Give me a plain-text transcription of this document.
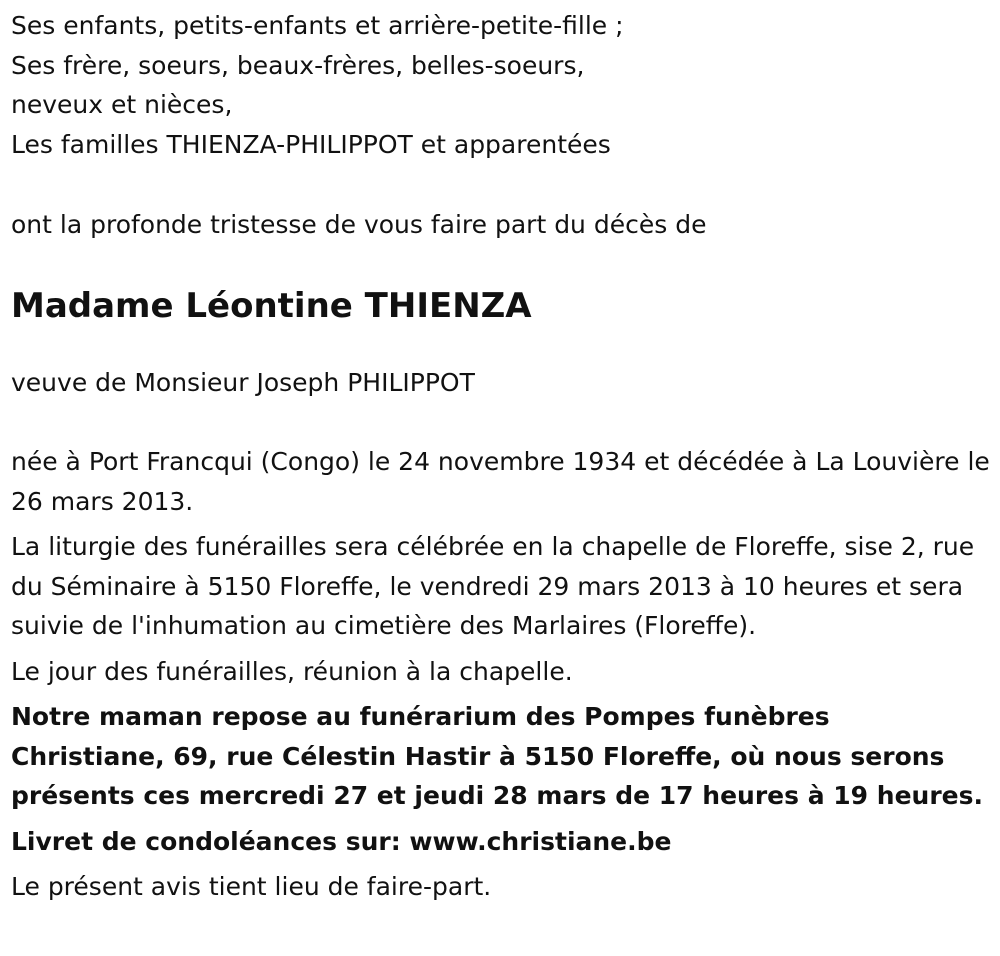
Ses enfants, petits-enfants et arrière-petite-fille ;

Ses frère, soeurs, beaux-frères, belles-soeurs,

neveux et nièces,

Les familles THIENZA-PHILIPPOT et apparentées

ont la profonde tristesse de vous faire part du décès de

Madame Léontine THIENZA

veuve de Monsieur Joseph PHILIPPOT

née à Port Francqui (Congo) le 24 novembre 1934 et décédée à La Louvière le 26 mars 2013.

La liturgie des funérailles sera célébrée en la chapelle de Floreffe, sise 2, rue du Séminaire à 5150 Floreffe, le vendredi 29 mars 2013 à 10 heures et sera suivie de l'inhumation au cimetière des Marlaires (Floreffe).

Le jour des funérailles, réunion à la chapelle.

Notre maman repose au funérarium des Pompes funèbres Christiane, 69, rue Célestin Hastir à 5150 Floreffe, où nous serons présents ces mercredi 27 et jeudi 28 mars de 17 heures à 19 heures.

Livret de condoléances sur: www.christiane.be

Le présent avis tient lieu de faire-part.
